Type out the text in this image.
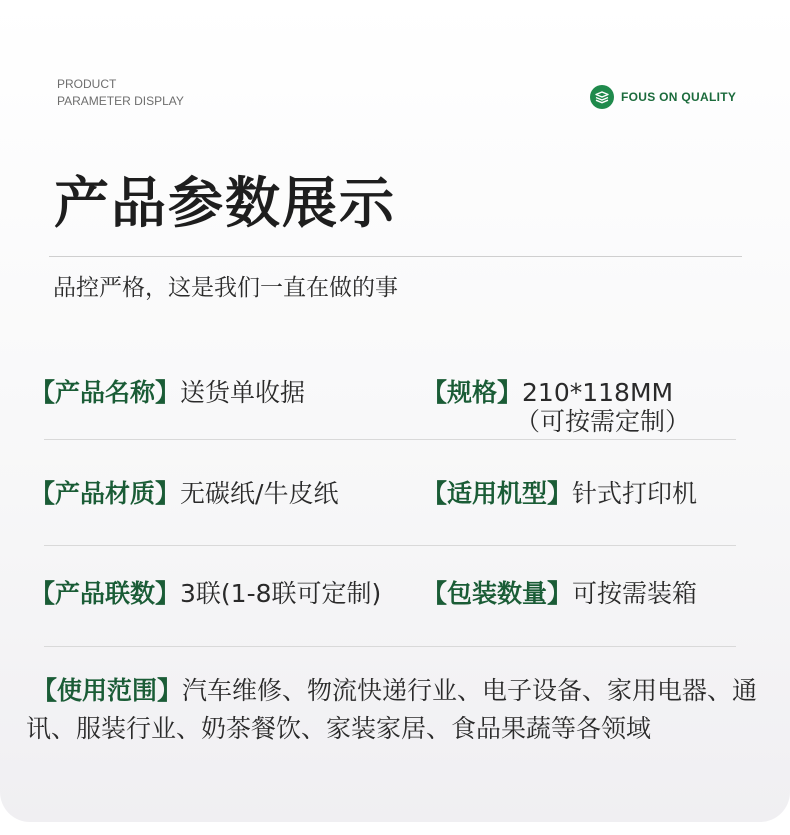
PRODUCT
PARAMETER DISPLAY	FOUS ON QUALITY
产品参数展示
品控严格，这是我们一直在做的事
【产品名称】送货单收据	【规格】210*118MM
（可按需定制）
【产品材质】无碳纸/牛皮纸	【适用机型】针式打印机
【产品联数】3联(1-8联可定制) 【包装数量】可按需装箱
【使用范围】汽车维修、物流快递行业、电子设备、家用电器、通讯、服装行业、奶茶餐饮、家装家居、食品果蔬等各领域
